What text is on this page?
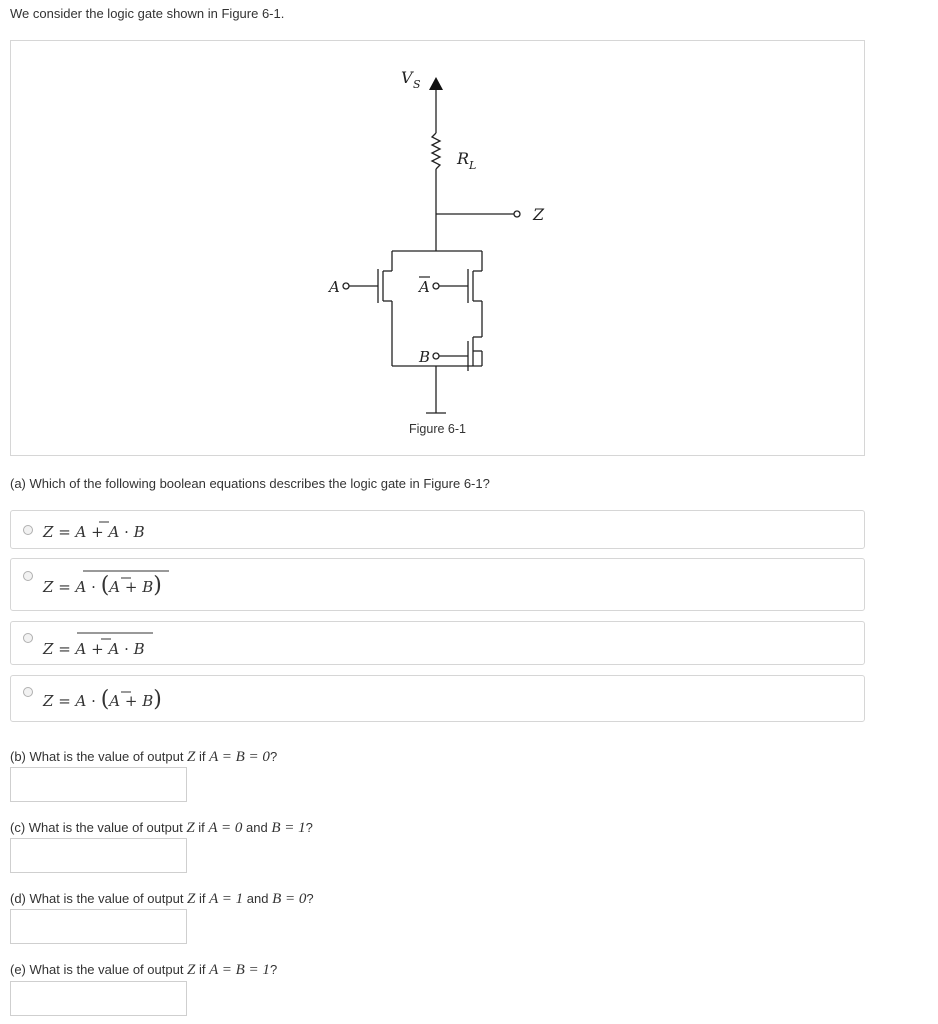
We consider the logic gate shown in Figure 6-1.
V S
R L
Z
A	A
B
Figure 6-1
(a) Which of the following boolean equations describes the logic gate in Figure 6-1?
Z = A + A · B
Z = A · (A + B)
Z = A + A · B
Z = A · (A + B)
(b) What is the value of output Z if A = B = 0?
(c) What is the value of output Z if A = 0 and B = 1?
(d) What is the value of output Z if A = 1 and B = 0?
(e) What is the value of output Z if A = B = 1?
